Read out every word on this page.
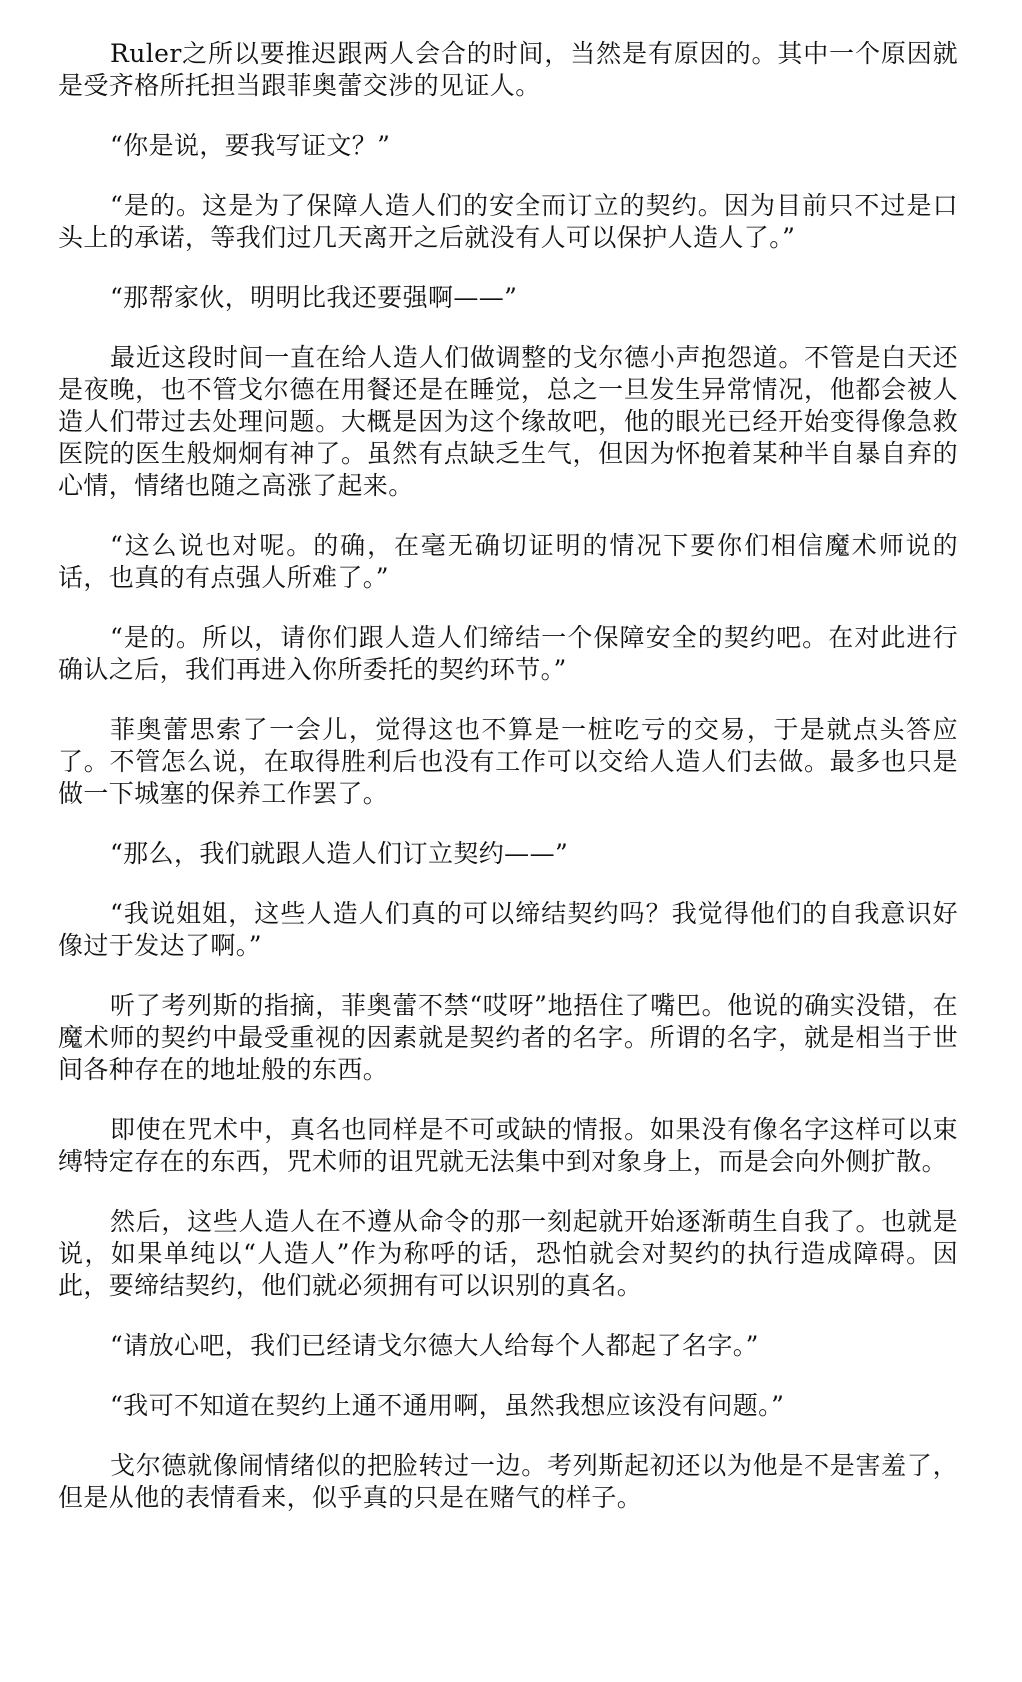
Ruler之所以要推迟跟两人会合的时间，当然是有原因的。其中一个原因就是受齐格所托担当跟菲奥蕾交涉的见证人。

“你是说，要我写证文？”

“是的。这是为了保障人造人们的安全而订立的契约。因为目前只不过是口头上的承诺，等我们过几天离开之后就没有人可以保护人造人了。”

“那帮家伙，明明比我还要强啊——”

最近这段时间一直在给人造人们做调整的戈尔德小声抱怨道。不管是白天还是夜晚，也不管戈尔德在用餐还是在睡觉，总之一旦发生异常情况，他都会被人造人们带过去处理问题。大概是因为这个缘故吧，他的眼光已经开始变得像急救医院的医生般炯炯有神了。虽然有点缺乏生气，但因为怀抱着某种半自暴自弃的心情，情绪也随之高涨了起来。

“这么说也对呢。的确，在毫无确切证明的情况下要你们相信魔术师说的话，也真的有点强人所难了。”

“是的。所以，请你们跟人造人们缔结一个保障安全的契约吧。在对此进行确认之后，我们再进入你所委托的契约环节。”

菲奥蕾思索了一会儿，觉得这也不算是一桩吃亏的交易，于是就点头答应了。不管怎么说，在取得胜利后也没有工作可以交给人造人们去做。最多也只是做一下城塞的保养工作罢了。

“那么，我们就跟人造人们订立契约——”

“我说姐姐，这些人造人们真的可以缔结契约吗？我觉得他们的自我意识好像过于发达了啊。”

听了考列斯的指摘，菲奥蕾不禁“哎呀”地捂住了嘴巴。他说的确实没错，在魔术师的契约中最受重视的因素就是契约者的名字。所谓的名字，就是相当于世间各种存在的地址般的东西。

即使在咒术中，真名也同样是不可或缺的情报。如果没有像名字这样可以束缚特定存在的东西，咒术师的诅咒就无法集中到对象身上，而是会向外侧扩散。

然后，这些人造人在不遵从命令的那一刻起就开始逐渐萌生自我了。也就是说，如果单纯以“人造人”作为称呼的话，恐怕就会对契约的执行造成障碍。因此，要缔结契约，他们就必须拥有可以识别的真名。

“请放心吧，我们已经请戈尔德大人给每个人都起了名字。”

“我可不知道在契约上通不通用啊，虽然我想应该没有问题。”

戈尔德就像闹情绪似的把脸转过一边。考列斯起初还以为他是不是害羞了，但是从他的表情看来，似乎真的只是在赌气的样子。
